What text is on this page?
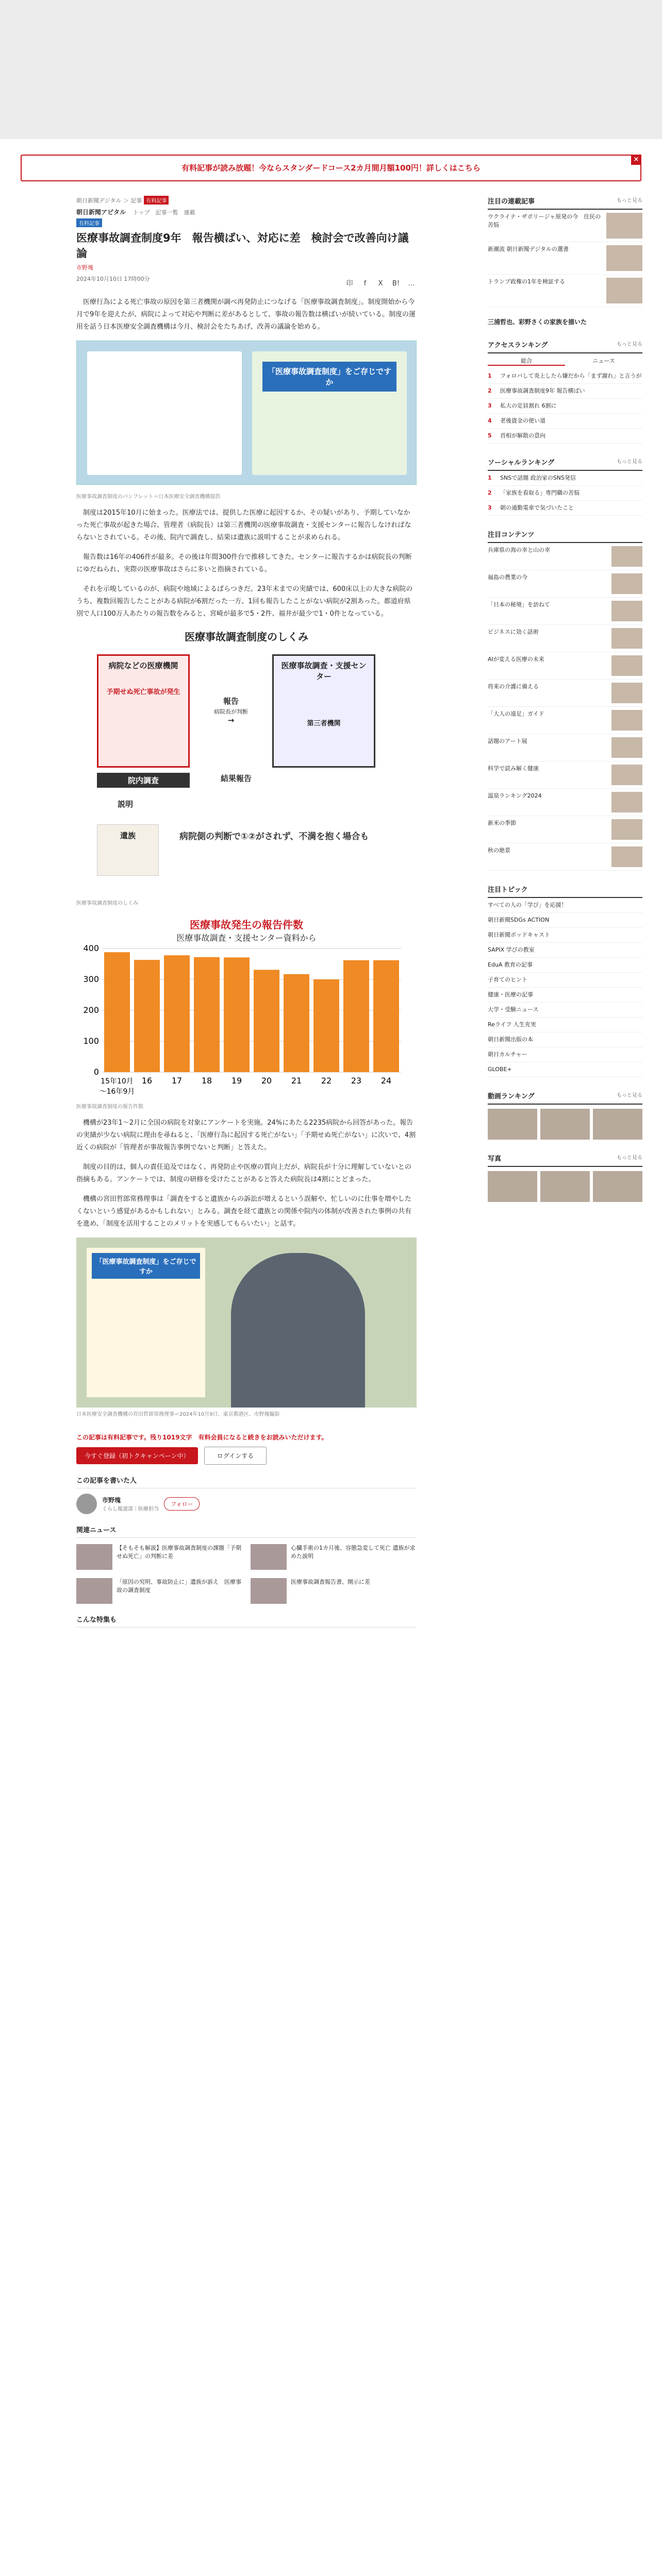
有料記事が読み放題！今ならスタンダードコース2カ月間月額100円！詳しくはこちら
×
朝日新聞デジタル ＞ 記事 有料記事
朝日新聞アピタル トップ　記事一覧　連載
有料記事
医療事故調査制度9年　報告横ばい、対応に差　検討会で改善向け議論
市野塊
2024年10月10日 17時00分
印	f	X	B! …

医療行為による死亡事故の原因を第三者機関が調べ再発防止につなげる「医療事故調査制度」。制度開始から今月で9年を迎えたが、病院によって対応や判断に差があるとして、事故の報告数は横ばいが続いている。制度の運用を話う日本医療安全調査機構は今月、検討会をたちあげ、改善の議論を始める。

「医療事故調査制度」をご存じですか
医療事故調査制度のパンフレット＝日本医療安全調査機構提供

制度は2015年10月に始まった。医療法では、提供した医療に起因するか、その疑いがあり、予期していなかった死亡事故が起きた場合、管理者（病院長）は第三者機関の医療事故調査・支援センターに報告しなければならないとされている。その後、院内で調査し、結果は遺族に説明することが求められる。

報告数は16年の406件が最多。その後は年間300件台で推移してきた。センターに報告するかは病院長の判断にゆだねられ、実際の医療事故はさらに多いと指摘されている。

それを示唆しているのが、病院や地域によるばらつきだ。23年末までの実績では、600床以上の大きな病院のうち、複数回報告したことがある病院が6割だった一方、1回も報告したことがない病院が2割あった。都道府県別で人口100万人あたりの報告数をみると、宮崎が最多で5・2件、福井が最少で1・0件となっている。

医療事故調査制度のしくみ
病院などの医療機関
予期せぬ死亡事故が発生
医療事故調査・支援センター
第三者機関
報告
病院長が判断
→
院内調査	結果報告
説明
遺族	病院側の判断で①②がされず、不満を抱く場合も
医療事故調査制度のしくみ
医療事故発生の報告件数
医療事故調査・支援センター資料から
0
100
200
300
400
15年10月
～16年9月
16 17 18 19 20 21 22 23 24
医療事故調査制度の報告件数

機構が23年1～2月に全国の病院を対象にアンケートを実施。24%にあたる2235病院から回答があった。報告の実績が少ない病院に理由を尋ねると、「医療行為に起因する死亡がない」「予期せぬ死亡がない」に次いで、4割近くの病院が「管理者が事故報告事例でないと判断」と答えた。

制度の目的は、個人の責任追及ではなく、再発防止や医療の質向上だが、病院長が十分に理解していないとの指摘もある。アンケートでは、制度の研修を受けたことがあると答えた病院長は4割にとどまった。

機構の宮田哲郎常務理事は「調査をすると遺族からの訴訟が増えるという誤解や、忙しいのに仕事を増やしたくないという感覚があるかもしれない」とみる。調査を経て遺族との関係や院内の体制が改善された事例の共有を進め、「制度を活用することのメリットを実感してもらいたい」と話す。

「医療事故調査制度」をご存じですか
日本医療安全調査機構の宮田哲郎常務理事＝2024年10月9日、東京都港区、市野塊撮影
この記事は有料記事です。残り1019文字　有料会員になると続きをお読みいただけます。
今すぐ登録（初トクキャンペーン中）	ログインする
この記事を書いた人
市野塊
くらし報道部｜医療担当
フォロー
関連ニュース
【そもそも解説】医療事故調査制度の課題「予期せぬ死亡」の判断に差
心臓手術の1カ月後、容態急変して死亡 遺族が求めた説明
「原因の究明、事故防止に」遺族が訴え　医療事故の調査制度
医療事故調査報告書、開示に差
こんな特集も
注目の連載記事	もっと見る
ウクライナ・ザポリージャ原発の今　住民の苦悩
新潮流 朝日新聞デジタルの選書
トランプ政権の1年を検証する
三浦哲也、彩野さくの家族を描いた
アクセスランキング	もっと見る
総合	ニュース
1	フォロバして炎上したら嫌だから「まず謝れ」と言うが
2	医療事故調査制度9年 報告横ばい
3	私大の定員割れ 6割に
4	老後資金の使い道
5	首相が解散の意向
ソーシャルランキング	もっと見る
1	SNSで話題 政治家のSNS発信
2	「家族を看取る」専門職の苦悩
3	朝の通勤電車で気づいたこと
注目コンテンツ
兵庫県の海の幸と山の幸
福島の農業の今
「日本の秘境」を訪ねて
ビジネスに効く話術
AIが変える医療の未来
将来の介護に備える
「大人の遠足」ガイド
話題のアート展
科学で読み解く健康
温泉ランキング2024
新米の季節
秋の絶景
注目トピック
すべての人の「学び」を応援！
朝日新聞SDGs ACTION
朝日新聞ポッドキャスト
SAPIX 学びの教室
EduA 教育の記事
子育てのヒント
健康・医療の記事
大学・受験ニュース
Reライフ 人生充実
朝日新聞出版の本
朝日カルチャー
GLOBE+
動画ランキング	もっと見る
写真	もっと見る
